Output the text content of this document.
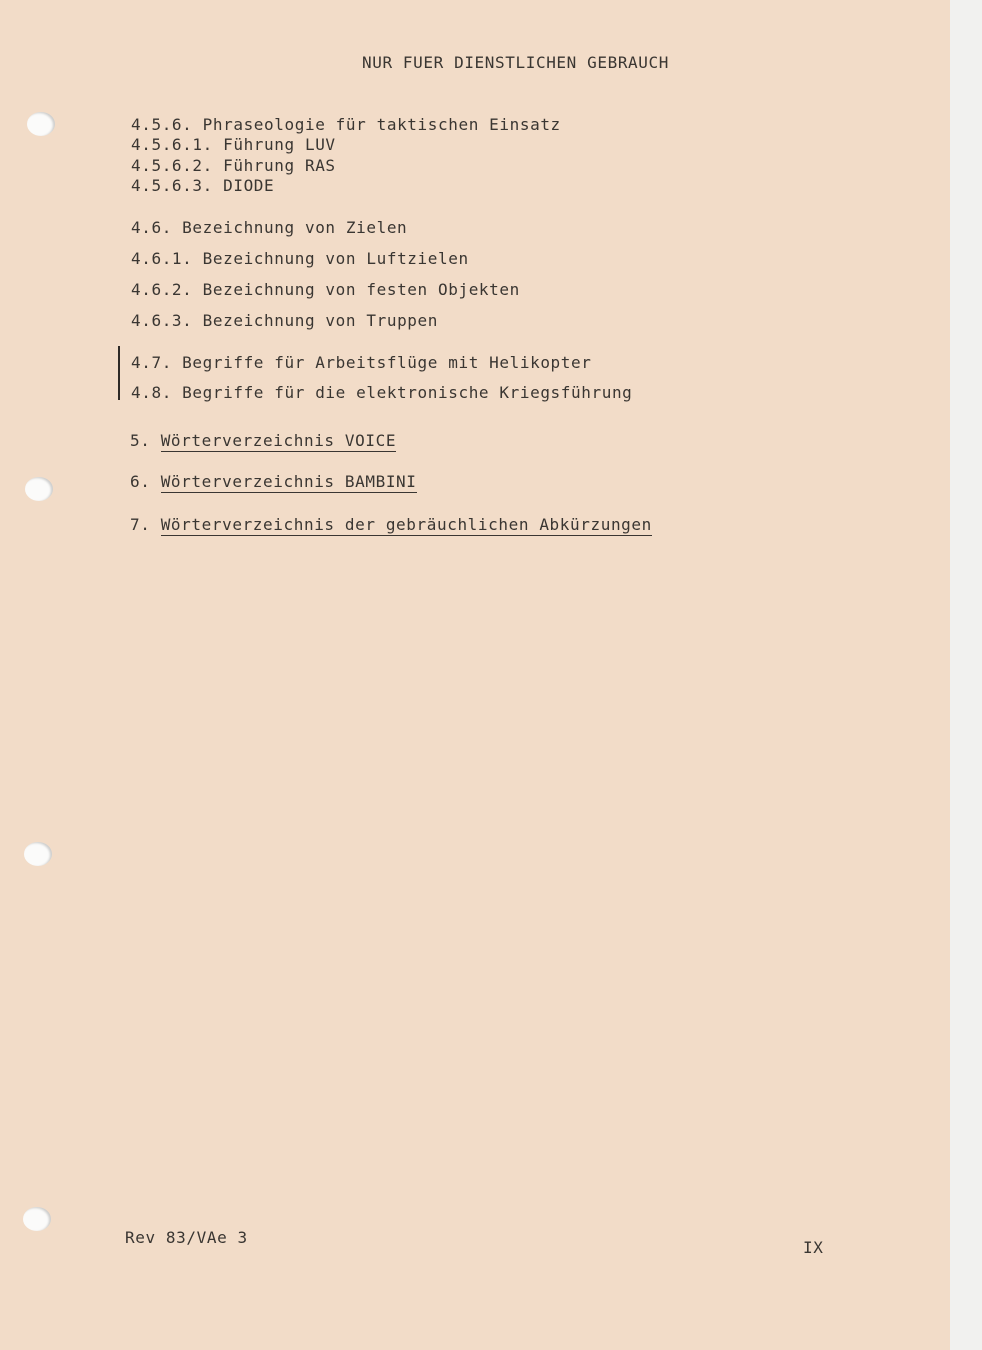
NUR FUER DIENSTLICHEN GEBRAUCH
4.5.6. Phraseologie für taktischen Einsatz
4.5.6.1. Führung LUV
4.5.6.2. Führung RAS
4.5.6.3. DIODE
4.6. Bezeichnung von Zielen
4.6.1. Bezeichnung von Luftzielen
4.6.2. Bezeichnung von festen Objekten
4.6.3. Bezeichnung von Truppen
4.7. Begriffe für Arbeitsflüge mit Helikopter
4.8. Begriffe für die elektronische Kriegsführung
5. Wörterverzeichnis VOICE
6. Wörterverzeichnis BAMBINI
7. Wörterverzeichnis der gebräuchlichen Abkürzungen
Rev 83/VAe 3
IX
